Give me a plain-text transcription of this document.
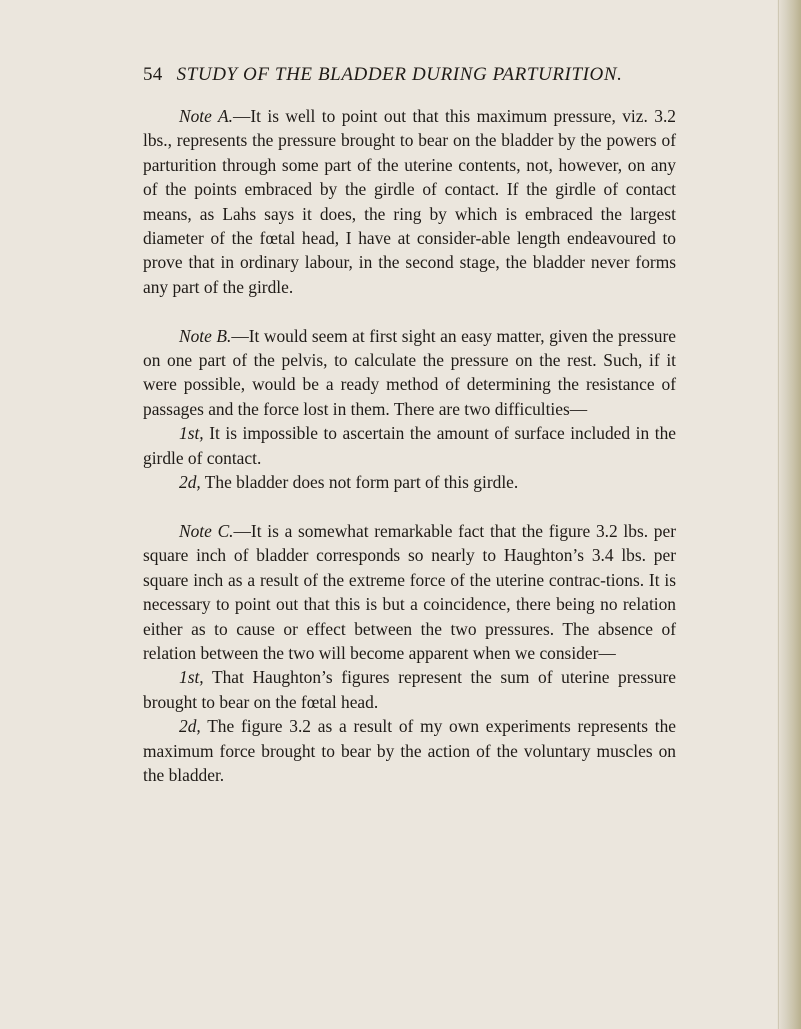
54 STUDY OF THE BLADDER DURING PARTURITION.

Note A.—It is well to point out that this maximum pressure, viz. 3.2 lbs., represents the pressure brought to bear on the bladder by the powers of parturition through some part of the uterine contents, not, however, on any of the points embraced by the girdle of contact. If the girdle of contact means, as Lahs says it does, the ring by which is embraced the largest diameter of the fœtal head, I have at consider-able length endeavoured to prove that in ordinary labour, in the second stage, the bladder never forms any part of the girdle.

Note B.—It would seem at first sight an easy matter, given the pressure on one part of the pelvis, to calculate the pressure on the rest. Such, if it were possible, would be a ready method of determining the resistance of passages and the force lost in them. There are two difficulties—

1st, It is impossible to ascertain the amount of surface included in the girdle of contact.

2d, The bladder does not form part of this girdle.

Note C.—It is a somewhat remarkable fact that the figure 3.2 lbs. per square inch of bladder corresponds so nearly to Haughton’s 3.4 lbs. per square inch as a result of the extreme force of the uterine contrac-tions. It is necessary to point out that this is but a coincidence, there being no relation either as to cause or effect between the two pressures. The absence of relation between the two will become apparent when we consider—

1st, That Haughton’s figures represent the sum of uterine pressure brought to bear on the fœtal head.

2d, The figure 3.2 as a result of my own experiments represents the maximum force brought to bear by the action of the voluntary muscles on the bladder.
